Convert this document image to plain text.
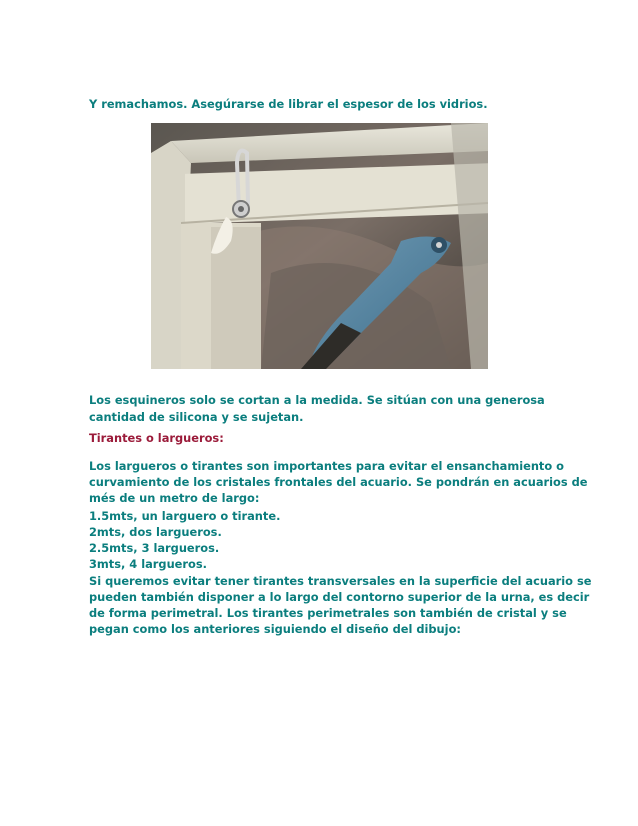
Y remachamos. Asegúrarse de librar el espesor de los vidrios.

Los esquineros solo se cortan a la medida. Se sitúan con una generosa

cantidad de silicona y se sujetan.

Tirantes o largueros:

Los largueros o tirantes son importantes para evitar el ensanchamiento o

curvamiento de los cristales frontales del acuario. Se pondrán en acuarios de

més de un metro de largo:

1.5mts, un larguero o tirante.

2mts, dos largueros.

2.5mts, 3 largueros.

3mts, 4 largueros.

Si queremos evitar tener tirantes transversales en la superficie del acuario se

pueden también disponer a lo largo del contorno superior de la urna, es decir

de forma perimetral. Los tirantes perimetrales son también de cristal y se

pegan como los anteriores siguiendo el diseño del dibujo:
